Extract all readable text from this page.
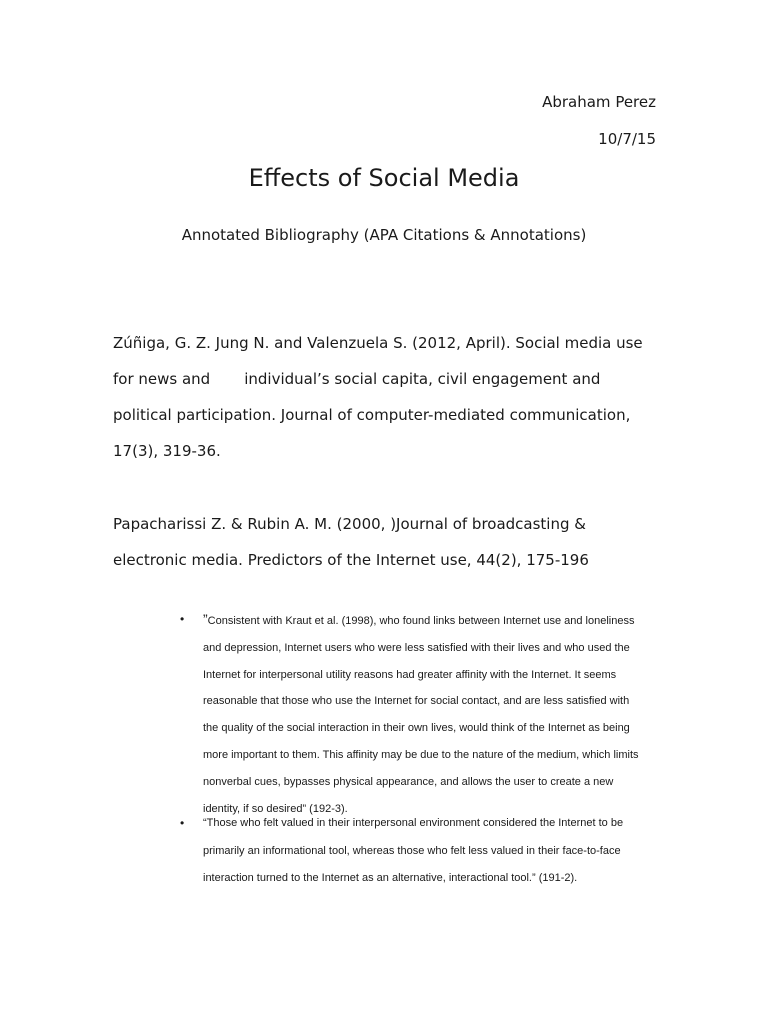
Abraham Perez
10/7/15
Effects of Social Media
Annotated Bibliography (APA Citations & Annotations)
Zúñiga, G. Z. Jung N. and Valenzuela S. (2012, April). Social media use
for news and individual’s social capita, civil engagement and
political participation. Journal of computer-mediated communication,
17(3), 319-36.
Papacharissi Z. & Rubin A. M. (2000, )Journal of broadcasting &
electronic media. Predictors of the Internet use, 44(2), 175-196
• ”Consistent with Kraut et al. (1998), who found links between Internet use and loneliness
and depression, Internet users who were less satisfied with their lives and who used the
Internet for interpersonal utility reasons had greater affinity with the Internet. It seems
reasonable that those who use the Internet for social contact, and are less satisfied with
the quality of the social interaction in their own lives, would think of the Internet as being
more important to them. This affinity may be due to the nature of the medium, which limits
nonverbal cues, bypasses physical appearance, and allows the user to create a new
identity, if so desired” (192-3).
• “Those who felt valued in their interpersonal environment considered the Internet to be
primarily an informational tool, whereas those who felt less valued in their face-to-face
interaction turned to the Internet as an alternative, interactional tool.” (191-2).
